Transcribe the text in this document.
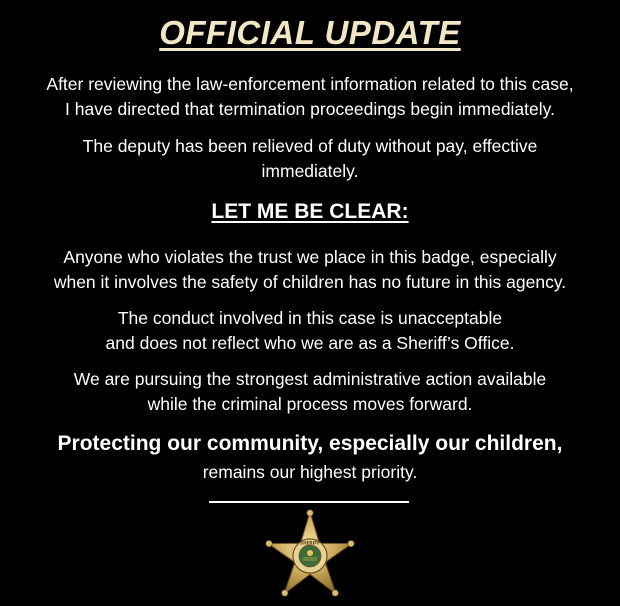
OFFICIAL UPDATE
After reviewing the law-enforcement information related to this case,
I have directed that termination proceedings begin immediately.
The deputy has been relieved of duty without pay, effective
immediately.
LET ME BE CLEAR:
Anyone who violates the trust we place in this badge, especially
when it involves the safety of children has no future in this agency.
The conduct involved in this case is unacceptable
and does not reflect who we are as a Sheriff’s Office.
We are pursuing the strongest administrative action available
while the criminal process moves forward.
Protecting our community, especially our children,
remains our highest priority.
SHERIFF
